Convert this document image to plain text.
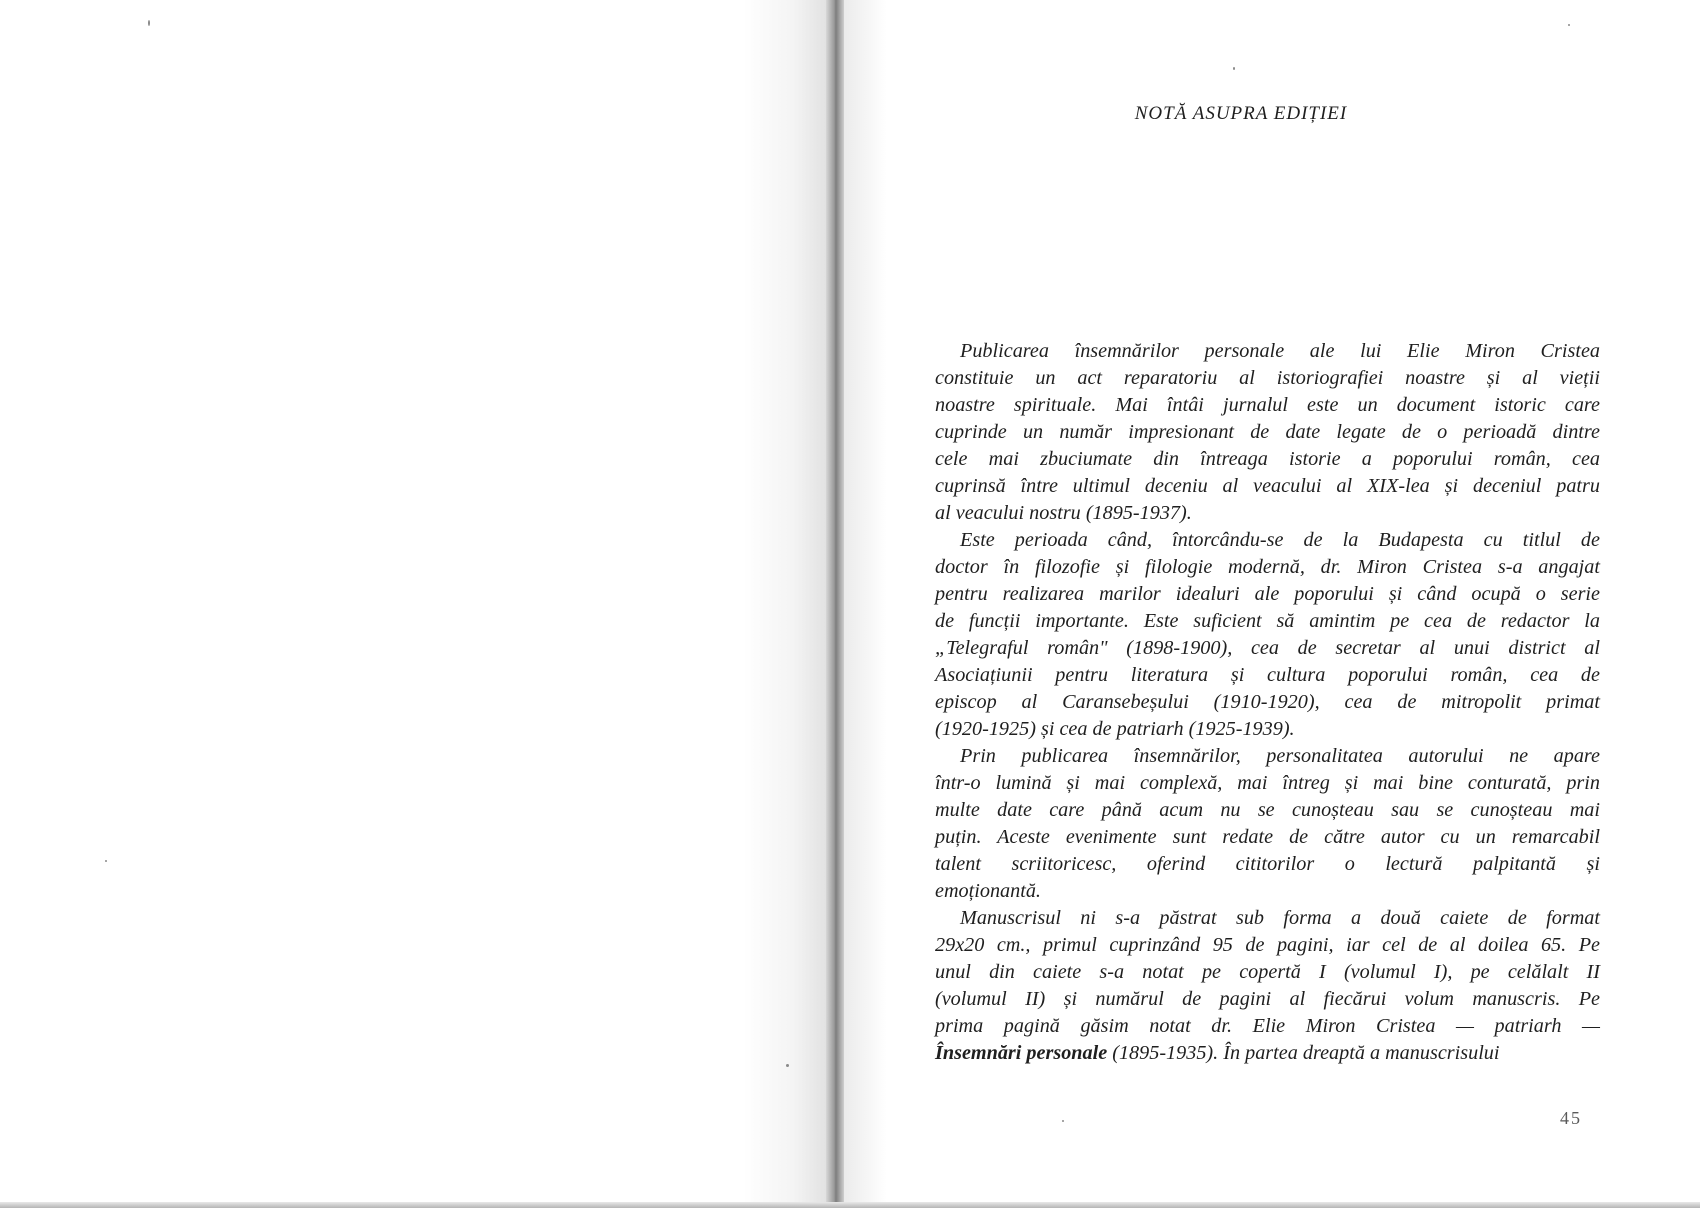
NOTĂ ASUPRA EDIȚIEI
Publicarea însemnărilor personale ale lui Elie Miron Cristea
constituie un act reparatoriu al istoriografiei noastre și al vieții
noastre spirituale. Mai întâi jurnalul este un document istoric care
cuprinde un număr impresionant de date legate de o perioadă dintre
cele mai zbuciumate din întreaga istorie a poporului român, cea
cuprinsă între ultimul deceniu al veacului al XIX-lea și deceniul patru
al veacului nostru (1895-1937).
Este perioada când, întorcându-se de la Budapesta cu titlul de
doctor în filozofie și filologie modernă, dr. Miron Cristea s-a angajat
pentru realizarea marilor idealuri ale poporului și când ocupă o serie
de funcții importante. Este suficient să amintim pe cea de redactor la
„Telegraful român" (1898-1900), cea de secretar al unui district al
Asociațiunii pentru literatura și cultura poporului român, cea de
episcop al Caransebeșului (1910-1920), cea de mitropolit primat
(1920-1925) și cea de patriarh (1925-1939).
Prin publicarea însemnărilor, personalitatea autorului ne apare
într-o lumină și mai complexă, mai întreg și mai bine conturată, prin
multe date care până acum nu se cunoșteau sau se cunoșteau mai
puțin. Aceste evenimente sunt redate de către autor cu un remarcabil
talent scriitoricesc, oferind cititorilor o lectură palpitantă și
emoționantă.
Manuscrisul ni s-a păstrat sub forma a două caiete de format
29x20 cm., primul cuprinzând 95 de pagini, iar cel de al doilea 65. Pe
unul din caiete s-a notat pe copertă I (volumul I), pe celălalt II
(volumul II) și numărul de pagini al fiecărui volum manuscris. Pe
prima pagină găsim notat dr. Elie Miron Cristea — patriarh —
Însemnări personale (1895-1935). În partea dreaptă a manuscrisului
45
